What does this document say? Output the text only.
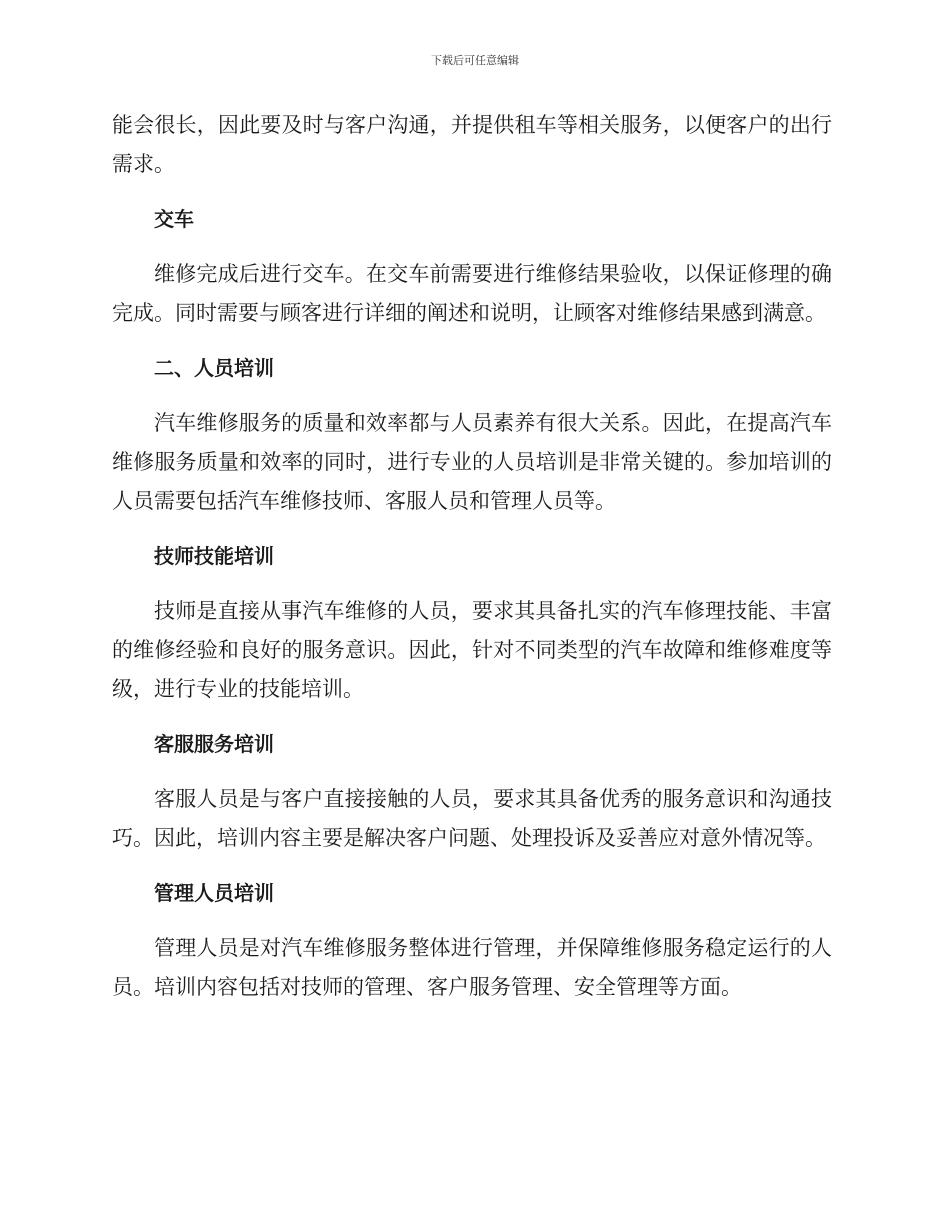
下载后可任意编辑

能会很长，因此要及时与客户沟通，并提供租车等相关服务，以便客户的出行需求。

交车

维修完成后进行交车。在交车前需要进行维修结果验收，以保证修理的确完成。同时需要与顾客进行详细的阐述和说明，让顾客对维修结果感到满意。

二、人员培训

汽车维修服务的质量和效率都与人员素养有很大关系。因此，在提高汽车维修服务质量和效率的同时，进行专业的人员培训是非常关键的。参加培训的人员需要包括汽车维修技师、客服人员和管理人员等。

技师技能培训

技师是直接从事汽车维修的人员，要求其具备扎实的汽车修理技能、丰富的维修经验和良好的服务意识。因此，针对不同类型的汽车故障和维修难度等级，进行专业的技能培训。

客服服务培训

客服人员是与客户直接接触的人员，要求其具备优秀的服务意识和沟通技巧。因此，培训内容主要是解决客户问题、处理投诉及妥善应对意外情况等。

管理人员培训

管理人员是对汽车维修服务整体进行管理，并保障维修服务稳定运行的人员。培训内容包括对技师的管理、客户服务管理、安全管理等方面。
